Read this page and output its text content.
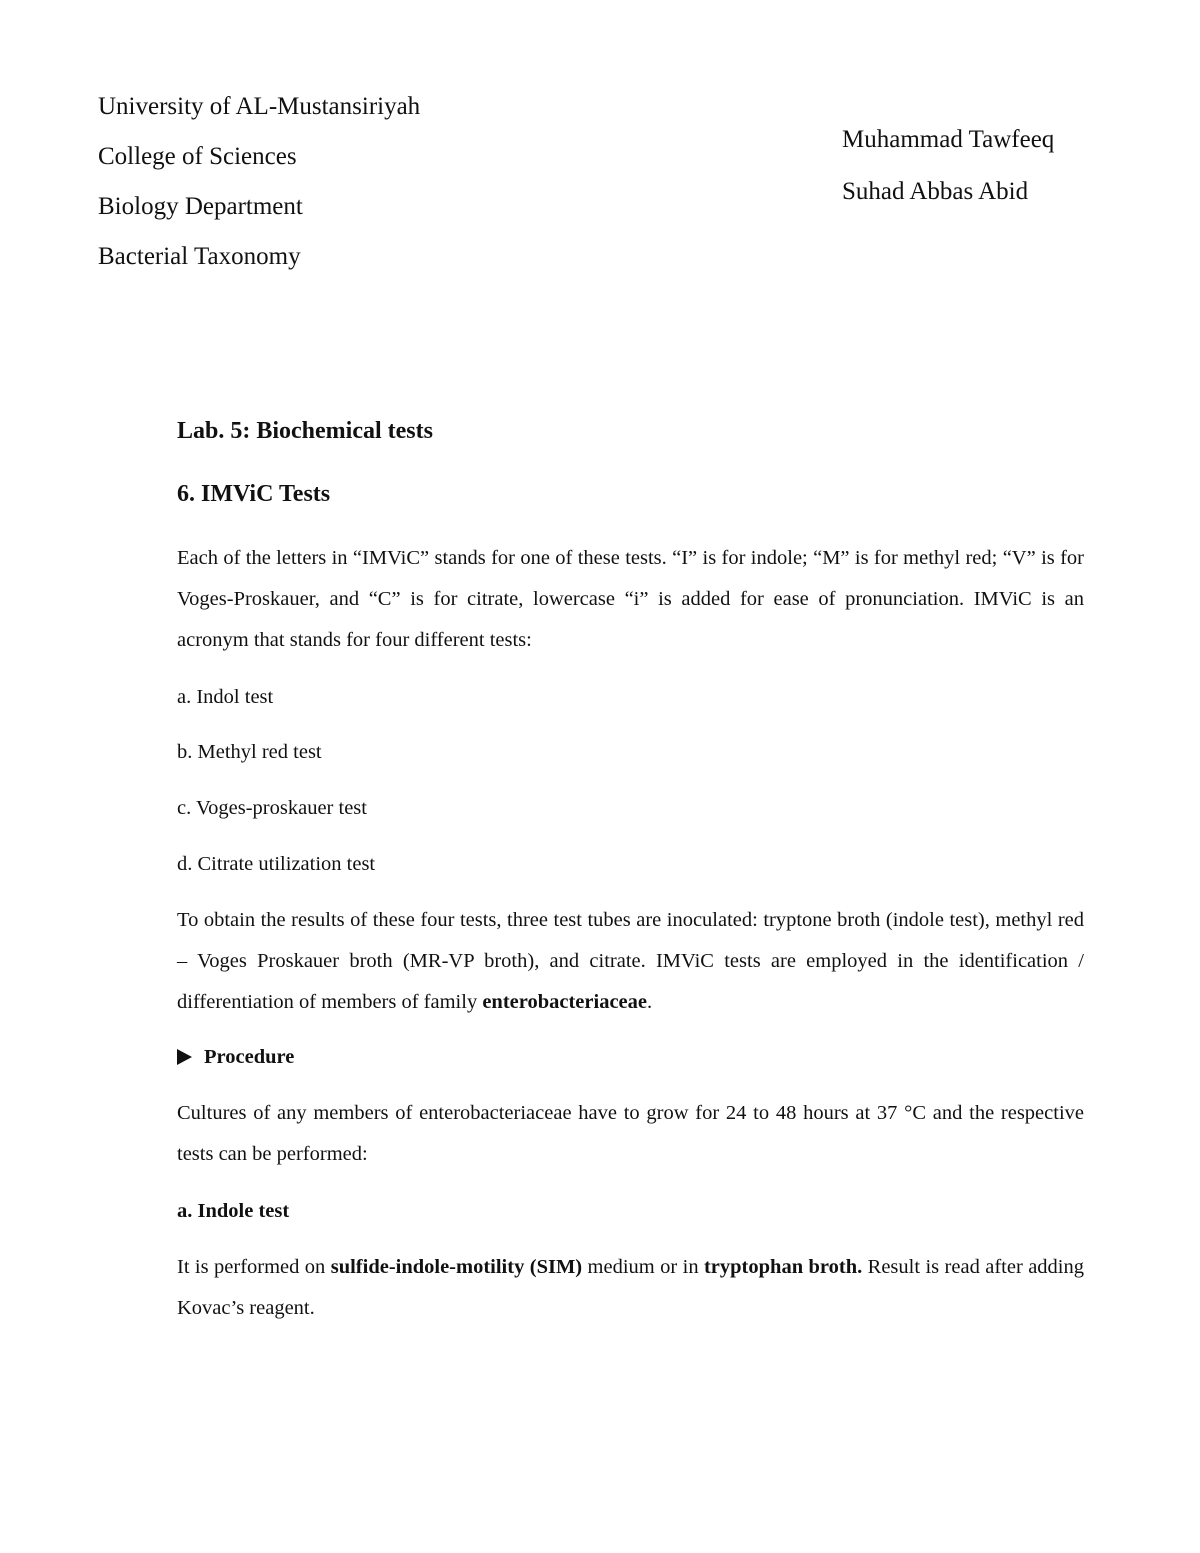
University of AL-Mustansiriyah
College of Sciences
Biology Department
Bacterial Taxonomy
Muhammad Tawfeeq
Suhad Abbas Abid
Lab. 5: Biochemical tests
6. IMViC Tests

Each of the letters in “IMViC” stands for one of these tests. “I” is for indole; “M” is for methyl red; “V” is for Voges-Proskauer, and “C” is for citrate, lowercase “i” is added for ease of pronunciation. IMViC is an acronym that stands for four different tests:

a. Indol test
b. Methyl red test
c. Voges-proskauer test
d. Citrate utilization test

To obtain the results of these four tests, three test tubes are inoculated: tryptone broth (indole test), methyl red – Voges Proskauer broth (MR-VP broth), and citrate. IMViC tests are employed in the identification / differentiation of members of family enterobacteriaceae.

Procedure

Cultures of any members of enterobacteriaceae have to grow for 24 to 48 hours at 37 °C and the respective tests can be performed:

a. Indole test

It is performed on sulfide-indole-motility (SIM) medium or in tryptophan broth. Result is read after adding Kovac’s reagent.
